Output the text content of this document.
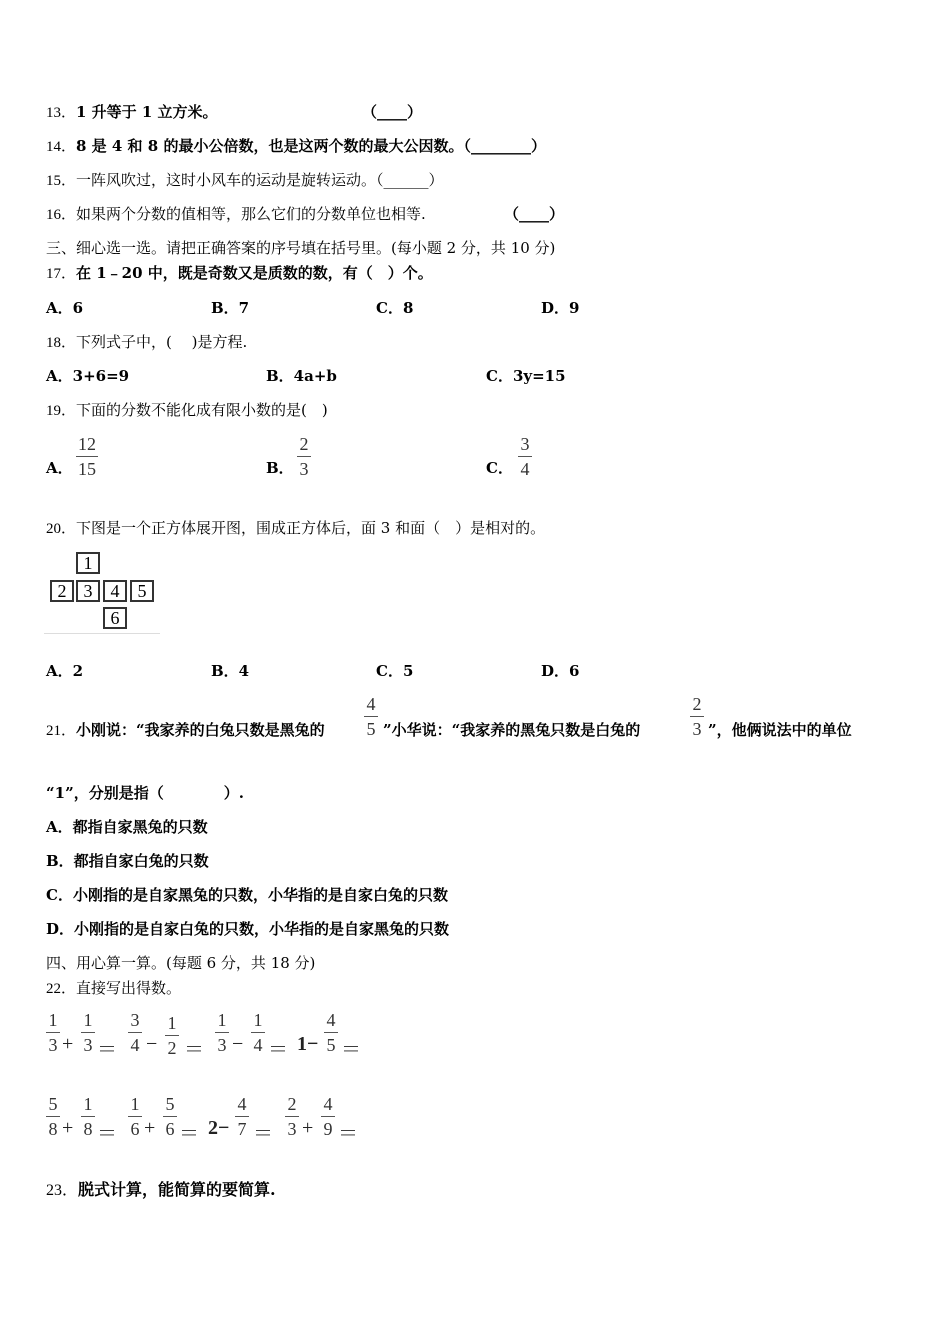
13．1 升等于 1 立方米。	（____）
14．8 是 4 和 8 的最小公倍数，也是这两个数的最大公因数。（________）
15．一阵风吹过，这时小风车的运动是旋转运动。（______）
16．如果两个分数的值相等，那么它们的分数单位也相等.	（____）
三、细心选一选。请把正确答案的序号填在括号里。(每小题 2 分，共 10 分)
17．在 1﹣20 中，既是奇数又是质数的数，有（　）个。
A．6	B．7	C．8	D．9
18．下列式子中，(　 )是方程.
A．3+6=9	B．4a+b	C．3y=15
19．下面的分数不能化成有限小数的是(　)
A．
12
15	B．
2
3	C．
3
4
20．下图是一个正方体展开图，围成正方体后，面 3 和面（　）是相对的。
1
2 3	4	5
6
A．2	B．4	C．5	D．6
21．小刚说：“我家养的白兔只数是黑兔的
4
5 ”小华说：“我家养的黑兔只数是白兔的
2
3 ”，他俩说法中的单位
“1”，分别是指（　　　　）.
A．都指自家黑兔的只数
B．都指自家白兔的只数
C．小刚指的是自家黑兔的只数，小华指的是自家白兔的只数
D．小刚指的是自家白兔的只数，小华指的是自家黑兔的只数
四、用心算一算。(每题 6 分，共 18 分)
22．直接写出得数。
1
3 +
1
3 ＝
3
4 −
1
2 ＝
1
3 −
1
4 ＝ 1−
4
5 ＝
5
8 +
1
8 ＝
1
6 +
5
6 ＝ 2−
4
7 ＝
2
3 +
4
9 ＝
23．脱式计算，能简算的要简算.
